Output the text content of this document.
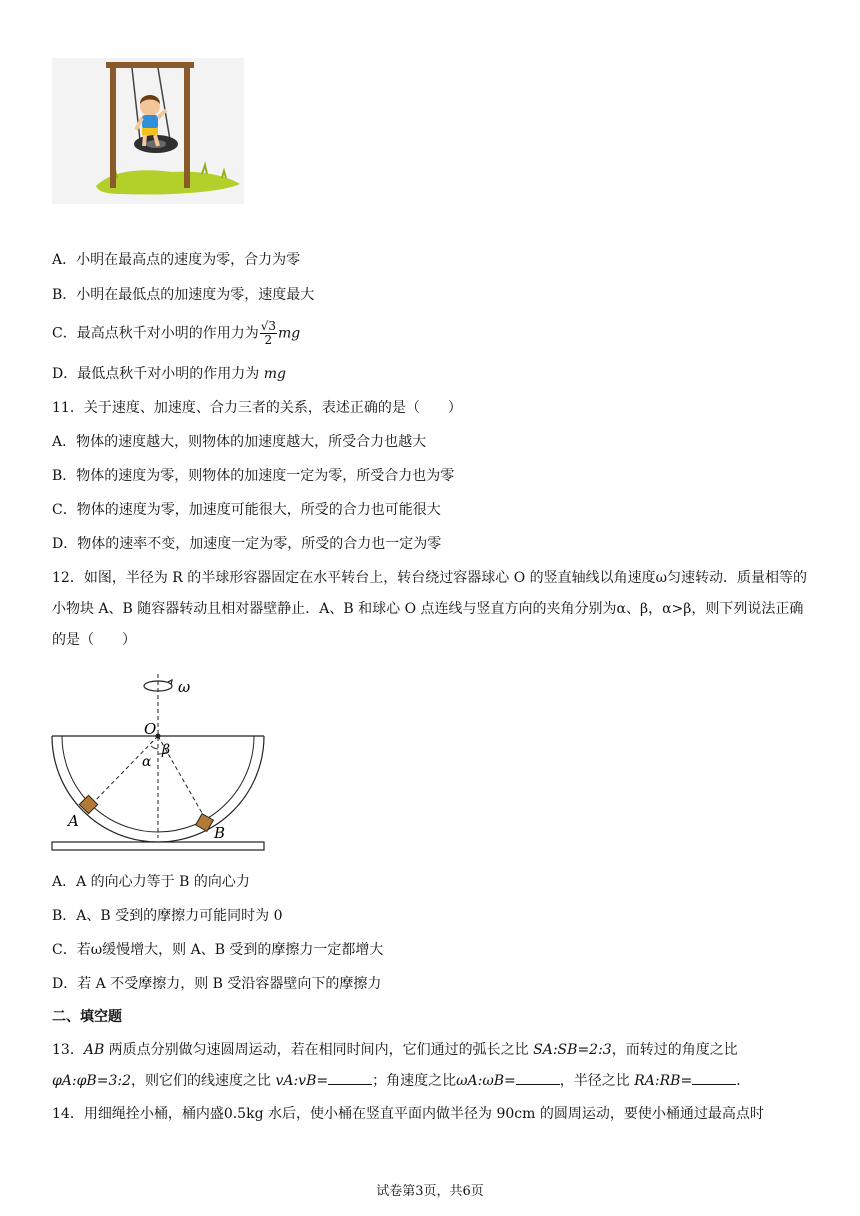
A．小明在最高点的速度为零，合力为零
B．小明在最低点的加速度为零，速度最大
C．最高点秋千对小明的作用力为 $\frac{√3}{2}$ mg
D．最低点秋千对小明的作用力为 mg
11．关于速度、加速度、合力三者的关系，表述正确的是（　　）
A．物体的速度越大，则物体的加速度越大，所受合力也越大
B．物体的速度为零，则物体的加速度一定为零，所受合力也为零
C．物体的速度为零，加速度可能很大，所受的合力也可能很大
D．物体的速率不变，加速度一定为零，所受的合力也一定为零
12．如图，半径为 R 的半球形容器固定在水平转台上，转台绕过容器球心 O 的竖直轴线以角速度ω匀速转动．质量相等的小物块 A、B 随容器转动且相对器壁静止．A、B 和球心 O 点连线与竖直方向的夹角分别为α、β，α>β，则下列说法正确的是（　　）
ω
O
α
β
A
B
A．A 的向心力等于 B 的向心力
B．A、B 受到的摩擦力可能同时为 0
C．若ω缓慢增大，则 A、B 受到的摩擦力一定都增大
D．若 A 不受摩擦力，则 B 受沿容器壁向下的摩擦力
二、填空题
13．AB 两质点分别做匀速圆周运动，若在相同时间内，它们通过的弧长之比 SA:SB=2:3，而转过的角度之比φA:φB=3:2，则它们的线速度之比 vA:vB=	；角速度之比ωA:ωB=	，半径之比 RA:RB=	．
14．用细绳拴小桶，桶内盛0.5kg 水后，使小桶在竖直平面内做半径为 90cm 的圆周运动，要使小桶通过最高点时
试卷第3页，共6页
